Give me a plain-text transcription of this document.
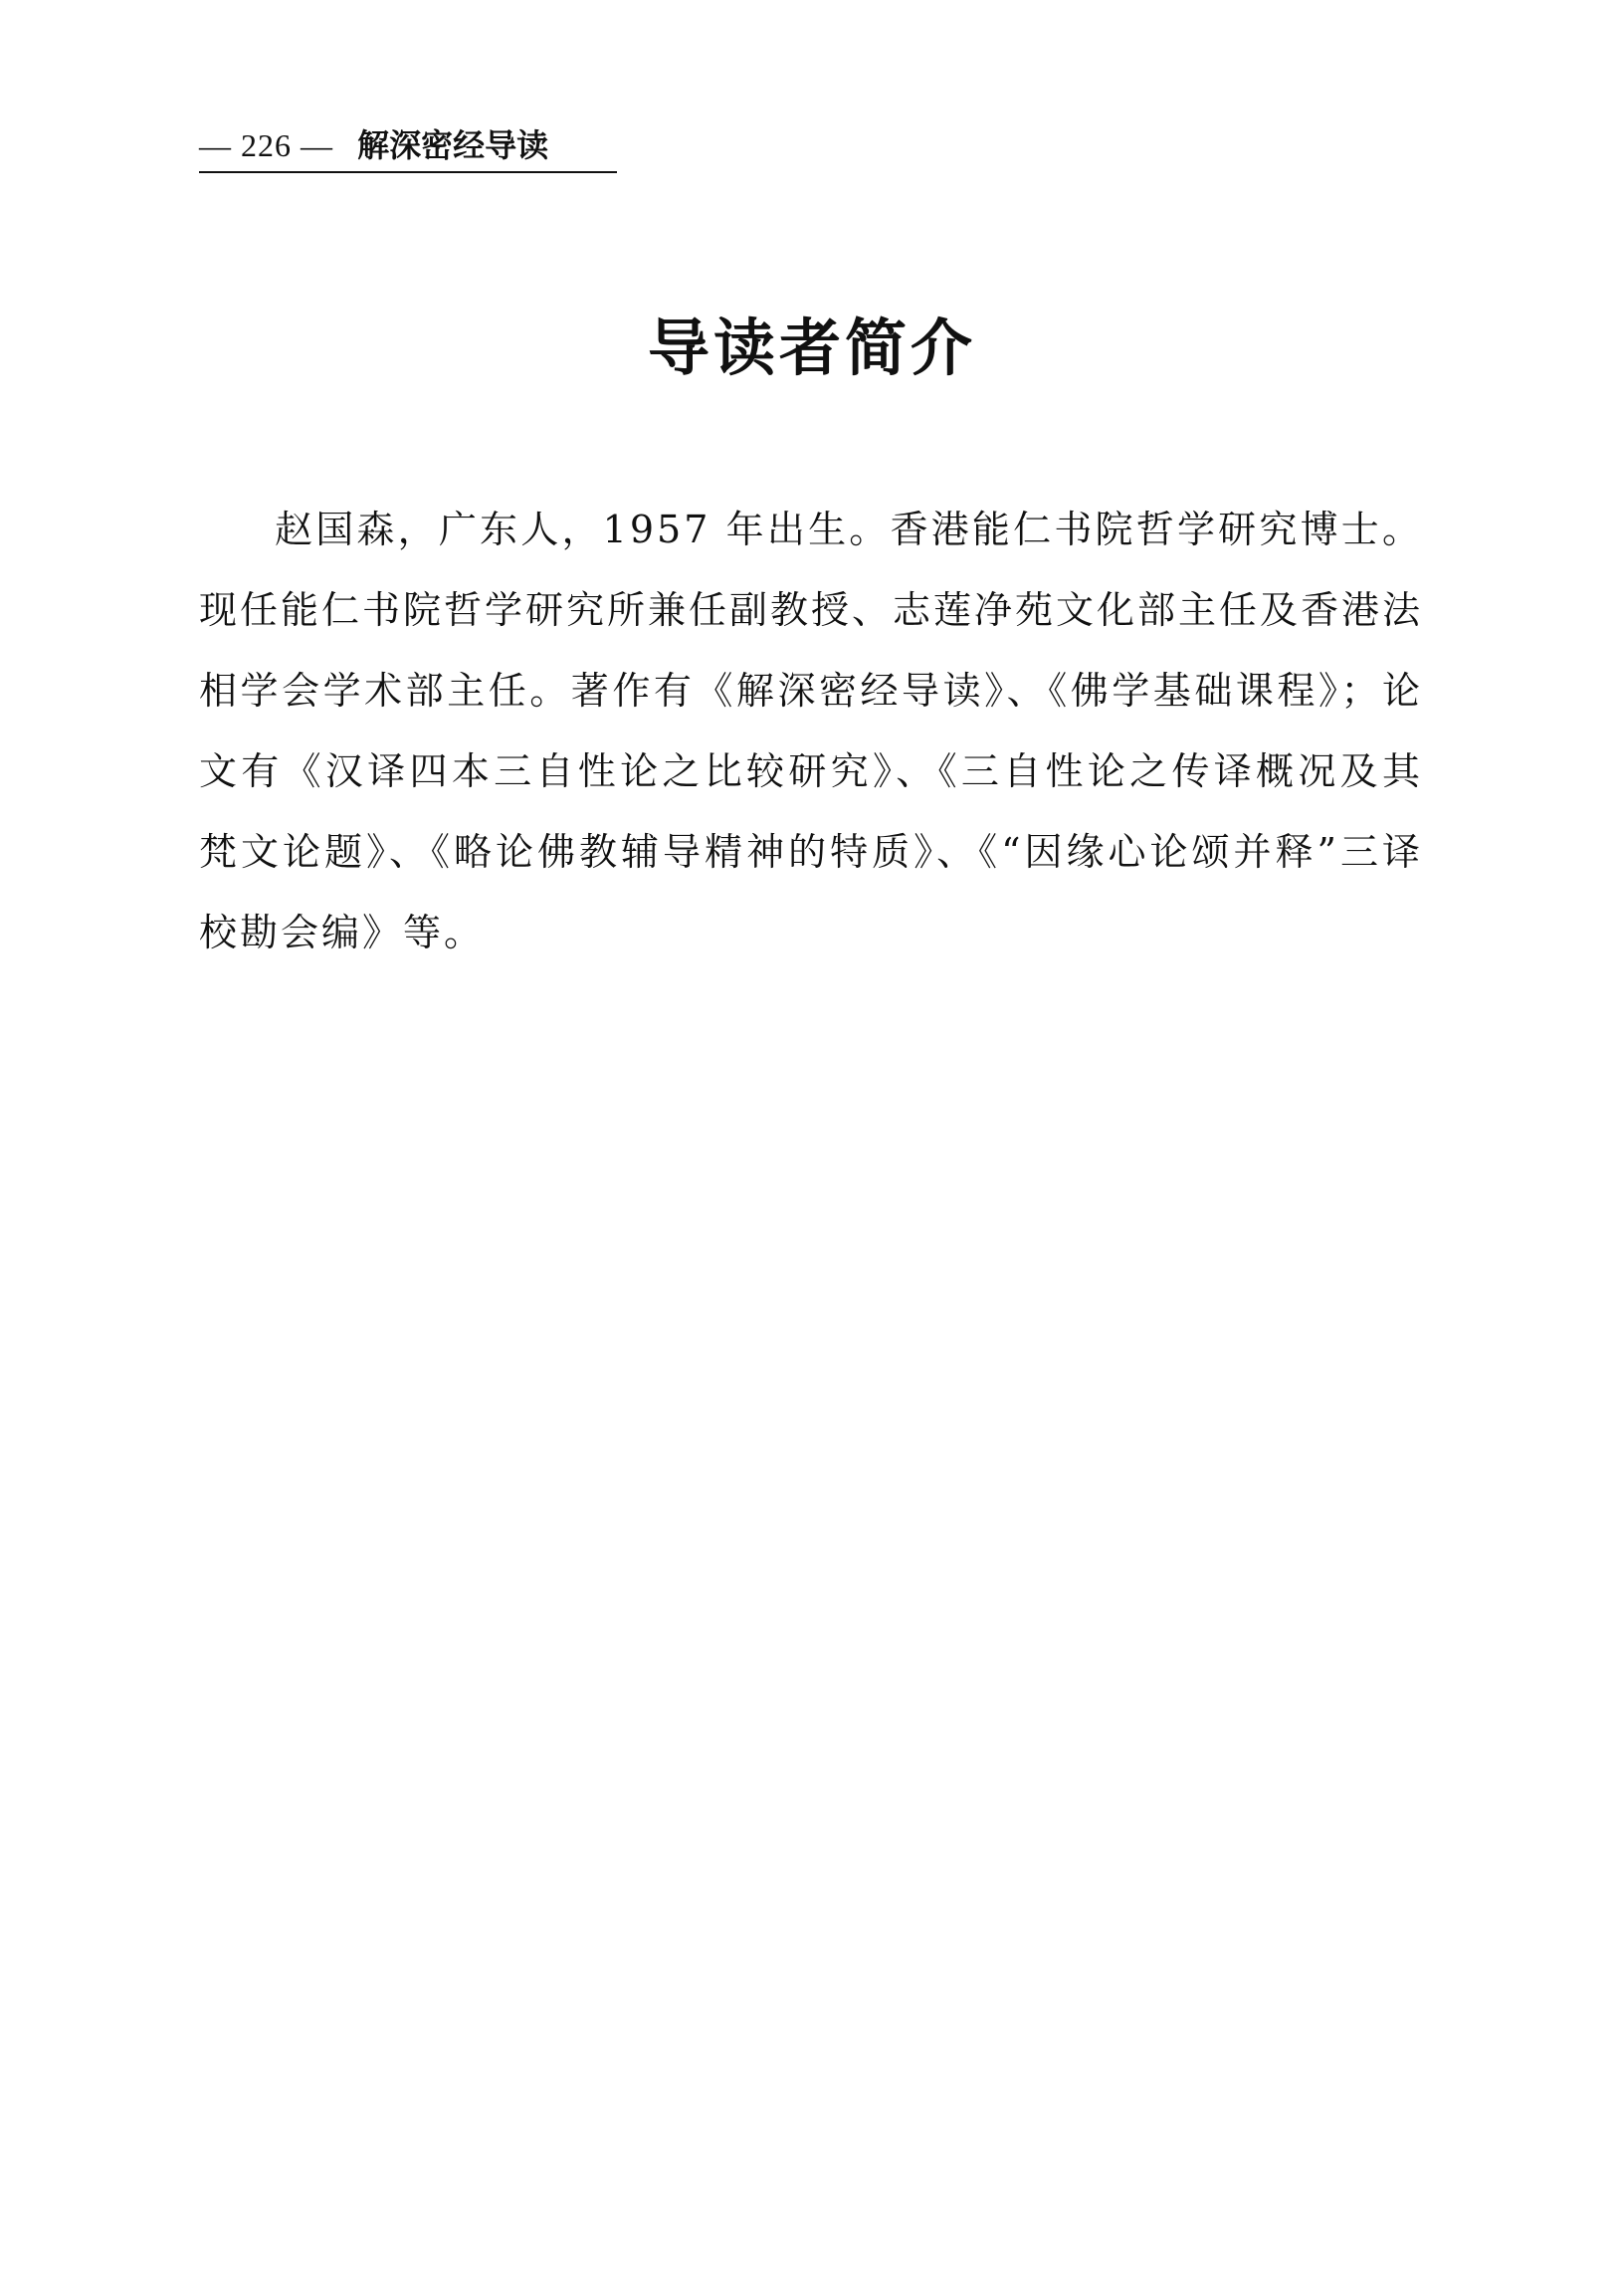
— 226 — 解深密经导读
导读者简介

赵国森，广东人，1957 年出生。香港能仁书院哲学研究博士。现任能仁书院哲学研究所兼任副教授、志莲净苑文化部主任及香港法相学会学术部主任。著作有《解深密经导读》、《佛学基础课程》；论文有《汉译四本三自性论之比较研究》、《三自性论之传译概况及其梵文论题》、《略论佛教辅导精神的特质》、《“因缘心论颂并释”三译校勘会编》等。
